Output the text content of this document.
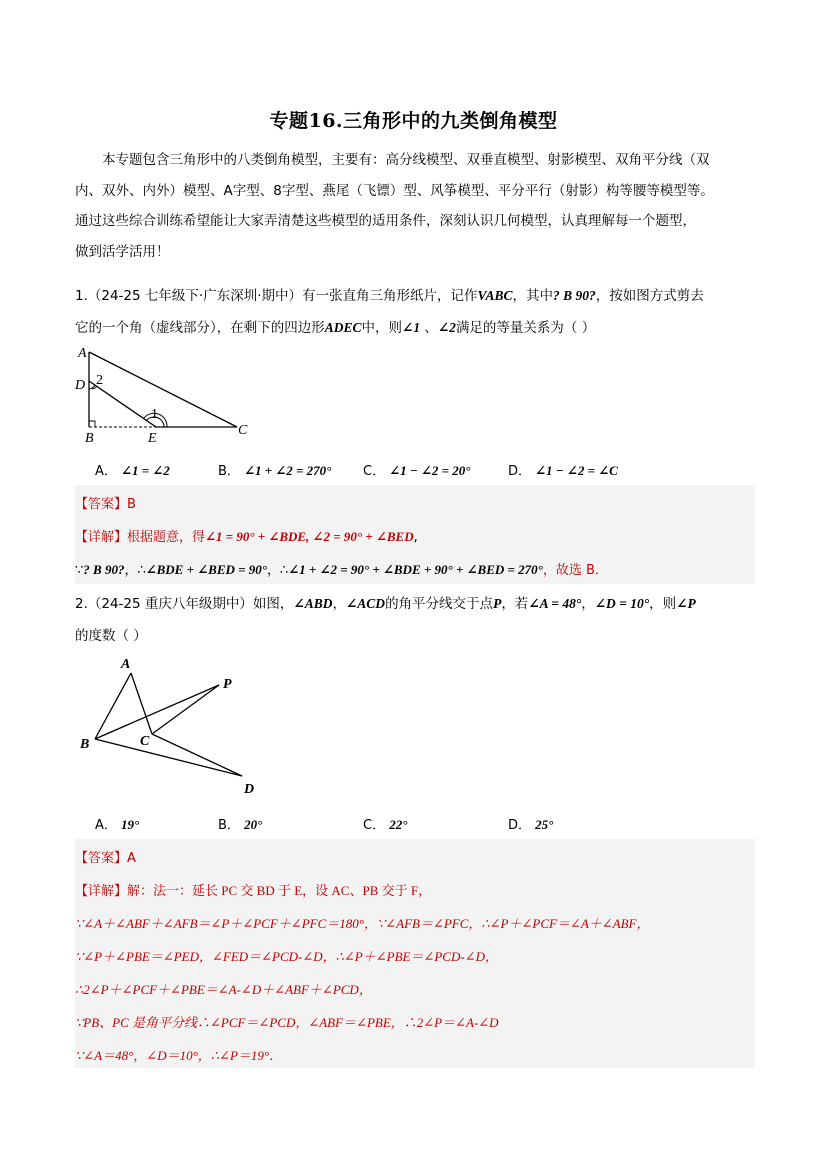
专题16.三角形中的九类倒角模型
本专题包含三角形中的八类倒角模型，主要有：高分线模型、双垂直模型、射影模型、双角平分线（双
内、双外、内外）模型、A字型、8字型、燕尾（飞镖）型、风筝模型、平分平行（射影）构等腰等模型等。
通过这些综合训练希望能让大家弄清楚这些模型的适用条件，深刻认识几何模型，认真理解每一个题型，
做到活学活用！
1.（24-25 七年级下·广东深圳·期中）有一张直角三角形纸片，记作VABC，其中? B 90?，按如图方式剪去
它的一个角（虚线部分），在剩下的四边形ADEC中，则∠1 、∠2满足的等量关系为（ ）
A
D 2
1
B	E
C
A． ∠1 = ∠2	B． ∠1 + ∠2 = 270° C． ∠1 − ∠2 = 20°	D． ∠1 − ∠2 = ∠C
【答案】B
【详解】根据题意，得∠1 = 90° + ∠BDE, ∠2 = 90° + ∠BED,
∵? B 90?，∴∠BDE + ∠BED = 90°，∴∠1 + ∠2 = 90° + ∠BDE + 90° + ∠BED = 270°，故选 B．
2.（24-25 重庆八年级期中）如图，∠ABD，∠ACD的角平分线交于点P，若∠A = 48°，∠D = 10°，则∠P
的度数（ ）
A
P
B	C
D
A． 19°	B． 20°	C． 22°	D． 25°
【答案】A
【详解】解：法一：延长 PC 交 BD 于 E，设 AC、PB 交于 F，
∵∠A＋∠ABF＋∠AFB＝∠P＋∠PCF＋∠PFC＝180°，∵∠AFB＝∠PFC，∴∠P＋∠PCF＝∠A＋∠ABF，
∵∠P＋∠PBE＝∠PED，∠FED＝∠PCD-∠D，∴∠P＋∠PBE＝∠PCD-∠D，
∴2∠P＋∠PCF＋∠PBE＝∠A-∠D＋∠ABF＋∠PCD，
∵PB、PC 是角平分线∴∠PCF＝∠PCD，∠ABF＝∠PBE，∴2∠P＝∠A-∠D
∵∠A＝48°，∠D＝10°，∴∠P＝19°．
